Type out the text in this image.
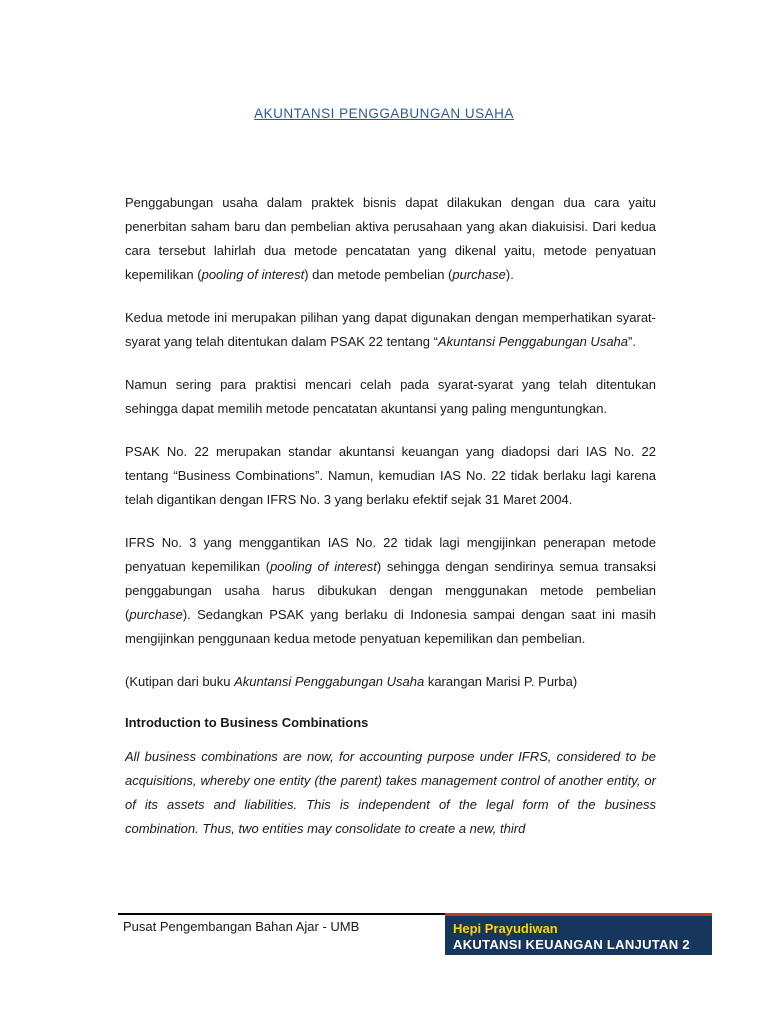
AKUNTANSI PENGGABUNGAN USAHA

Penggabungan usaha dalam praktek bisnis dapat dilakukan dengan dua cara yaitu penerbitan saham baru dan pembelian aktiva perusahaan yang akan diakuisisi. Dari kedua cara tersebut lahirlah dua metode pencatatan yang dikenal yaitu, metode penyatuan kepemilikan (pooling of interest) dan metode pembelian (purchase).

Kedua metode ini merupakan pilihan yang dapat digunakan dengan memperhatikan syarat-syarat yang telah ditentukan dalam PSAK 22 tentang “Akuntansi Penggabungan Usaha”.

Namun sering para praktisi mencari celah pada syarat-syarat yang telah ditentukan sehingga dapat memilih metode pencatatan akuntansi yang paling menguntungkan.

PSAK No. 22 merupakan standar akuntansi keuangan yang diadopsi dari IAS No. 22 tentang “Business Combinations”. Namun, kemudian IAS No. 22 tidak berlaku lagi karena telah digantikan dengan IFRS No. 3 yang berlaku efektif sejak 31 Maret 2004.

IFRS No. 3 yang menggantikan IAS No. 22 tidak lagi mengijinkan penerapan metode penyatuan kepemilikan (pooling of interest) sehingga dengan sendirinya semua transaksi penggabungan usaha harus dibukukan dengan menggunakan metode pembelian (purchase). Sedangkan PSAK yang berlaku di Indonesia sampai dengan saat ini masih mengijinkan penggunaan kedua metode penyatuan kepemilikan dan pembelian.

(Kutipan dari buku Akuntansi Penggabungan Usaha karangan Marisi P. Purba)

Introduction to Business Combinations

All business combinations are now, for accounting purpose under IFRS, considered to be acquisitions, whereby one entity (the parent) takes management control of another entity, or of its assets and liabilities. This is independent of the legal form of the business combination. Thus, two entities may consolidate to create a new, third

Pusat Pengembangan Bahan Ajar - UMB	Hepi Prayudiwan
AKUTANSI KEUANGAN LANJUTAN 2
